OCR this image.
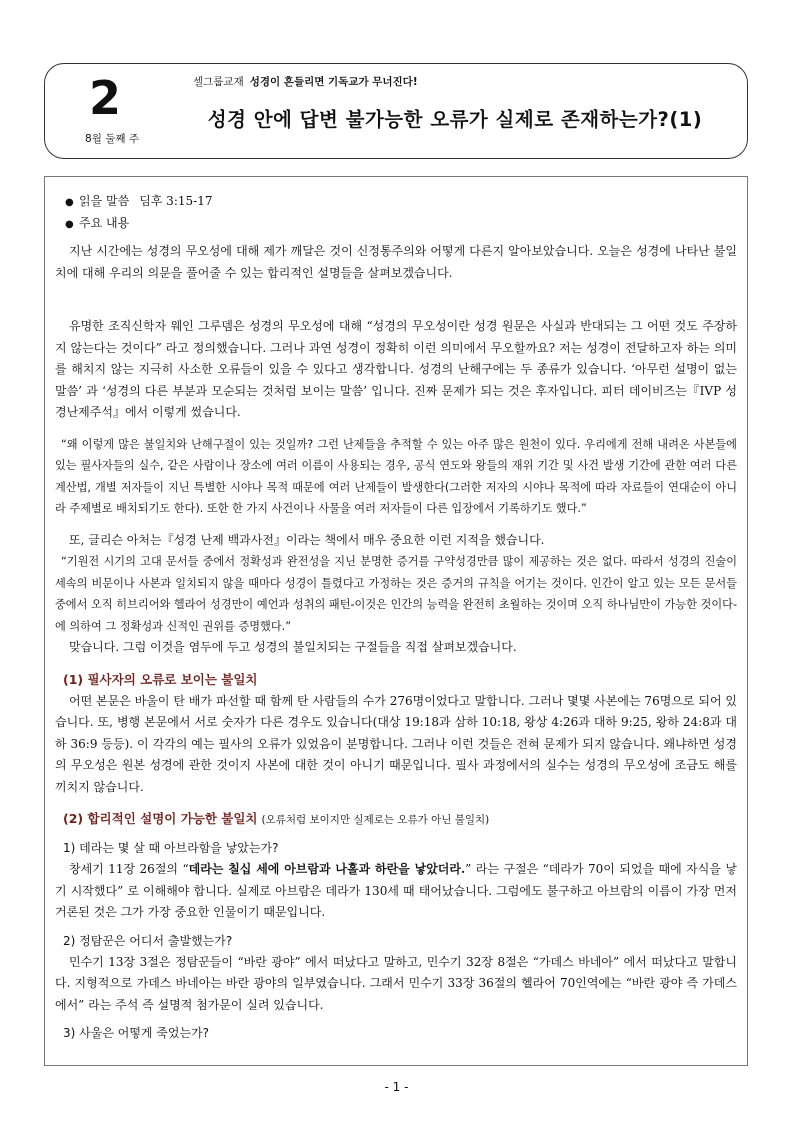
2
8월 둘째 주
셀그룹교재 성경이 흔들리면 기독교가 무너진다!
성경 안에 답변 불가능한 오류가 실제로 존재하는가?(1)
● 읽을 말씀 딤후 3:15-17
● 주요 내용

지난 시간에는 성경의 무오성에 대해 제가 깨달은 것이 신정통주의와 어떻게 다른지 알아보았습니다. 오늘은 성경에 나타난 불일치에 대해 우리의 의문을 풀어줄 수 있는 합리적인 설명들을 살펴보겠습니다.

유명한 조직신학자 웨인 그루뎀은 성경의 무오성에 대해 “성경의 무오성이란 성경 원문은 사실과 반대되는 그 어떤 것도 주장하지 않는다는 것이다” 라고 정의했습니다. 그러나 과연 성경이 정확히 이런 의미에서 무오할까요? 저는 성경이 전달하고자 하는 의미를 해치지 않는 지극히 사소한 오류들이 있을 수 있다고 생각합니다. 성경의 난해구에는 두 종류가 있습니다. ‘아무런 설명이 없는 말씀’ 과 ‘성경의 다른 부분과 모순되는 것처럼 보이는 말씀’ 입니다. 진짜 문제가 되는 것은 후자입니다. 피터 데이비즈는『IVP 성경난제주석』에서 이렇게 썼습니다.

“왜 이렇게 많은 불일치와 난해구절이 있는 것일까? 그런 난제들을 추적할 수 있는 아주 많은 원천이 있다. 우리에게 전해 내려온 사본들에 있는 필사자들의 실수, 같은 사람이나 장소에 여러 이름이 사용되는 경우, 공식 연도와 왕들의 재위 기간 및 사건 발생 기간에 관한 여러 다른 계산법, 개별 저자들이 지닌 특별한 시야나 목적 때문에 여러 난제들이 발생한다(그러한 저자의 시야나 목적에 따라 자료들이 연대순이 아니라 주제별로 배치되기도 한다). 또한 한 가지 사건이나 사물을 여러 저자들이 다른 입장에서 기록하기도 했다.”

또, 글리슨 아처는『성경 난제 백과사전』이라는 책에서 매우 중요한 이런 지적을 했습니다.

“기원전 시기의 고대 문서들 중에서 정확성과 완전성을 지닌 분명한 증거를 구약성경만큼 많이 제공하는 것은 없다. 따라서 성경의 진술이 세속의 비문이나 사본과 일치되지 않을 때마다 성경이 틀렸다고 가정하는 것은 증거의 규칙을 어기는 것이다. 인간이 알고 있는 모든 문서들 중에서 오직 히브리어와 헬라어 성경만이 예언과 성취의 패턴-이것은 인간의 능력을 완전히 초월하는 것이며 오직 하나님만이 가능한 것이다-에 의하여 그 정확성과 신적인 권위를 증명했다.”

맞습니다. 그럼 이것을 염두에 두고 성경의 불일치되는 구절들을 직접 살펴보겠습니다.

(1) 필사자의 오류로 보이는 불일치

어떤 본문은 바울이 탄 배가 파선할 때 함께 탄 사람들의 수가 276명이었다고 말합니다. 그러나 몇몇 사본에는 76명으로 되어 있습니다. 또, 병행 본문에서 서로 숫자가 다른 경우도 있습니다(대상 19:18과 삼하 10:18, 왕상 4:26과 대하 9:25, 왕하 24:8과 대하 36:9 등등). 이 각각의 예는 필사의 오류가 있었음이 분명합니다. 그러나 이런 것들은 전혀 문제가 되지 않습니다. 왜냐하면 성경의 무오성은 원본 성경에 관한 것이지 사본에 대한 것이 아니기 때문입니다. 필사 과정에서의 실수는 성경의 무오성에 조금도 해를 끼치지 않습니다.

(2) 합리적인 설명이 가능한 불일치 (오류처럼 보이지만 실제로는 오류가 아닌 불일치)
1) 데라는 몇 살 때 아브라함을 낳았는가?

창세기 11장 26절의 “데라는 칠십 세에 아브람과 나홀과 하란을 낳았더라.” 라는 구절은 “데라가 70이 되었을 때에 자식을 낳기 시작했다” 로 이해해야 합니다. 실제로 아브람은 데라가 130세 때 태어났습니다. 그럼에도 불구하고 아브람의 이름이 가장 먼저 거론된 것은 그가 가장 중요한 인물이기 때문입니다.

2) 정탐꾼은 어디서 출발했는가?

민수기 13장 3절은 정탐꾼들이 “바란 광야” 에서 떠났다고 말하고, 민수기 32장 8절은 “가데스 바네아” 에서 떠났다고 말합니다. 지형적으로 가데스 바네아는 바란 광야의 일부였습니다. 그래서 민수기 33장 36절의 헬라어 70인역에는 “바란 광야 즉 가데스에서” 라는 주석 즉 설명적 첨가문이 실려 있습니다.

3) 사울은 어떻게 죽었는가?
- 1 -
